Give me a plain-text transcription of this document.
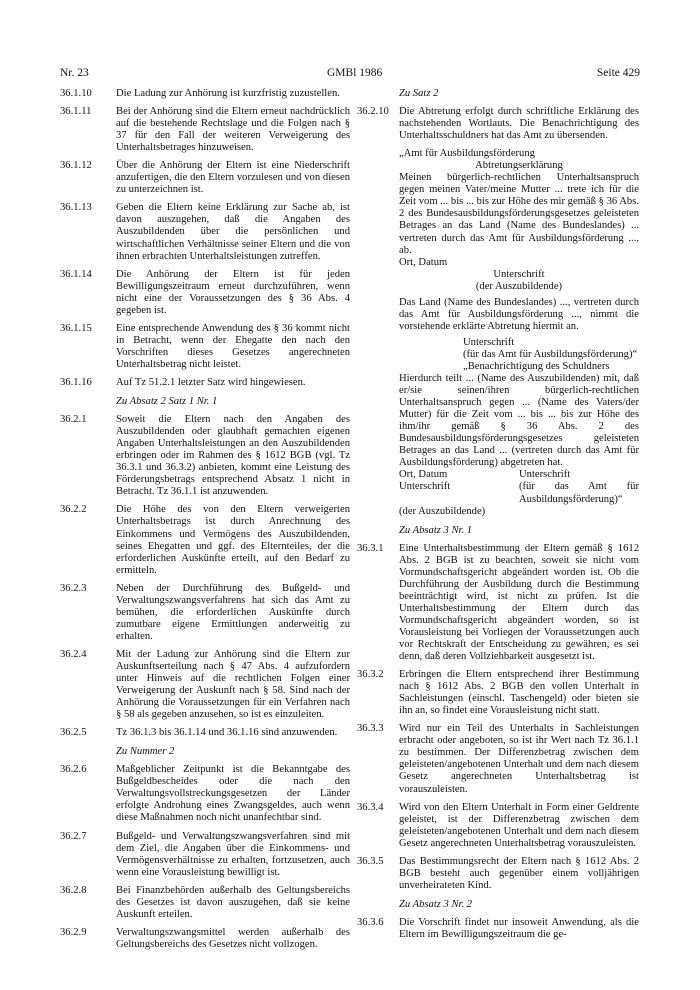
Nr. 23	GMBl 1986	Seite 429
36.1.10	Die Ladung zur Anhörung ist kurzfristig zuzustellen.
36.1.11	Bei der Anhörung sind die Eltern erneut nachdrücklich auf die bestehende Rechtslage und die Folgen nach § 37 für den Fall der weiteren Verweigerung des Unterhaltsbetrages hinzuweisen.
36.1.12	Über die Anhörung der Eltern ist eine Niederschrift anzufertigen, die den Eltern vorzulesen und von diesen zu unterzeichnen ist.
36.1.13	Geben die Eltern keine Erklärung zur Sache ab, ist davon auszugehen, daß die Angaben des Auszubildenden über die persönlichen und wirtschaftlichen Verhältnisse seiner Eltern und die von ihnen erbrachten Unterhaltsleistungen zutreffen.
36.1.14	Die Anhörung der Eltern ist für jeden Bewilligungszeitraum erneut durchzuführen, wenn nicht eine der Voraussetzungen des § 36 Abs. 4 gegeben ist.
36.1.15	Eine entsprechende Anwendung des § 36 kommt nicht in Betracht, wenn der Ehegatte den nach den Vorschriften dieses Gesetzes angerechneten Unterhaltsbetrag nicht leistet.
36.1.16	Auf Tz 51.2.1 letzter Satz wird hingewiesen.
Zu Absatz 2 Satz 1 Nr. 1
36.2.1	Soweit die Eltern nach den Angaben des Auszubildenden oder glaubhaft gemachten eigenen Angaben Unterhaltsleistungen an den Auszubildenden erbringen oder im Rahmen des § 1612 BGB (vgl. Tz 36.3.1 und 36.3.2) anbieten, kommt eine Leistung des Förderungsbetrags entsprechend Absatz 1 nicht in Betracht. Tz 36.1.1 ist anzuwenden.
36.2.2	Die Höhe des von den Eltern verweigerten Unterhaltsbetrags ist durch Anrechnung des Einkommens und Vermögens des Auszubildenden, seines Ehegatten und ggf. des Elternteiles, der die erforderlichen Auskünfte erteilt, auf den Bedarf zu ermitteln.
36.2.3	Neben der Durchführung des Bußgeld- und Verwaltungszwangsverfahrens hat sich das Amt zu bemühen, die erforderlichen Auskünfte durch zumutbare eigene Ermittlungen anderweitig zu erhalten.
36.2.4	Mit der Ladung zur Anhörung sind die Eltern zur Auskunftserteilung nach § 47 Abs. 4 aufzufordern unter Hinweis auf die rechtlichen Folgen einer Verweigerung der Auskunft nach § 58. Sind nach der Anhörung die Voraussetzungen für ein Verfahren nach § 58 als gegeben anzusehen, so ist es einzuleiten.
36.2.5	Tz 36.1.3 bis 36.1.14 und 36.1.16 sind anzuwenden.
Zu Nummer 2
36.2.6	Maßgeblicher Zeitpunkt ist die Bekanntgabe des Bußgeldbescheides oder die nach den Verwaltungsvollstreckungsgesetzen der Länder erfolgte Androhung eines Zwangsgeldes, auch wenn diese Maßnahmen noch nicht unanfechtbar sind.
36.2.7	Bußgeld- und Verwaltungszwangsverfahren sind mit dem Ziel, die Angaben über die Einkommens- und Vermögensverhältnisse zu erhalten, fortzusetzen, auch wenn eine Vorausleistung bewilligt ist.
36.2.8	Bei Finanzbehörden außerhalb des Geltungsbereichs des Gesetzes ist davon auszugehen, daß sie keine Auskunft erteilen.
36.2.9	Verwaltungszwangsmittel werden außerhalb des Geltungsbereichs des Gesetzes nicht vollzogen.
Zu Satz 2
36.2.10 Die Abtretung erfolgt durch schriftliche Erklärung des nachstehenden Wortlauts. Die Benachrichtigung des Unterhaltsschuldners hat das Amt zu übersenden.
„Amt für Ausbildungsförderung
Abtretungserklärung
Meinen bürgerlich-rechtlichen Unterhaltsanspruch gegen meinen Vater/meine Mutter ... trete ich für die Zeit vom ... bis ... bis zur Höhe des mir gemäß § 36 Abs. 2 des Bundesausbildungsförderungsgesetzes geleisteten Betrages an das Land (Name des Bundeslandes) ... vertreten durch das Amt für Ausbildungsförderung ..., ab.
Ort, Datum
Unterschrift
(der Auszubildende)
Das Land (Name des Bundeslandes) ..., vertreten durch das Amt für Ausbildungsförderung ..., nimmt die vorstehende erklärte Abtretung hiermit an.
Unterschrift
(für das Amt für Ausbildungsförderung)“
„Benachrichtigung des Schuldners
Hierdurch teilt ... (Name des Auszubildenden) mit, daß er/sie seinen/ihren bürgerlich-rechtlichen Unterhaltsanspruch gegen ... (Name des Vaters/der Mutter) für die Zeit vom ... bis ... bis zur Höhe des ihm/ihr gemäß § 36 Abs. 2 des Bundesausbildungsförderungsgesetzes geleisteten Betrages an das Land ... (vertreten durch das Amt für Ausbildungsförderung) abgetreten hat.
Ort, Datum	Unterschrift
Unterschrift	(für das Amt für Ausbildungsförderung)“
(der Auszubildende)
Zu Absatz 3 Nr. 1
36.3.1	Eine Unterhaltsbestimmung der Eltern gemäß § 1612 Abs. 2 BGB ist zu beachten, soweit sie nicht vom Vormundschaftsgericht abgeändert worden ist. Ob die Durchführung der Ausbildung durch die Bestimmung beeinträchtigt wird, ist nicht zu prüfen. Ist die Unterhaltsbestimmung der Eltern durch das Vormundschaftsgericht abgeändert worden, so ist Vorausleistung bei Vorliegen der Voraussetzungen auch vor Rechtskraft der Entscheidung zu gewähren, es sei denn, daß deren Vollziehbarkeit ausgesetzt ist.
36.3.2	Erbringen die Eltern entsprechend ihrer Bestimmung nach § 1612 Abs. 2 BGB den vollen Unterhalt in Sachleistungen (einschl. Taschengeld) oder bieten sie ihn an, so findet eine Vorausleistung nicht statt.
36.3.3	Wird nur ein Teil des Unterhalts in Sachleistungen erbracht oder angeboten, so ist ihr Wert nach Tz 36.1.1 zu bestimmen. Der Differenzbetrag zwischen dem geleisteten/angebotenen Unterhalt und dem nach diesem Gesetz angerechneten Unterhaltsbetrag ist vorauszuleisten.
36.3.4	Wird von den Eltern Unterhalt in Form einer Geldrente geleistet, ist der Differenzbetrag zwischen dem geleisteten/angebotenen Unterhalt und dem nach diesem Gesetz angerechneten Unterhaltsbetrag vorauszuleisten.
36.3.5	Das Bestimmungsrecht der Eltern nach § 1612 Abs. 2 BGB besteht auch gegenüber einem volljährigen unverheirateten Kind.
Zu Absatz 3 Nr. 2
36.3.6	Die Vorschrift findet nur insoweit Anwendung, als die Eltern im Bewilligungszeitraum die ge-
